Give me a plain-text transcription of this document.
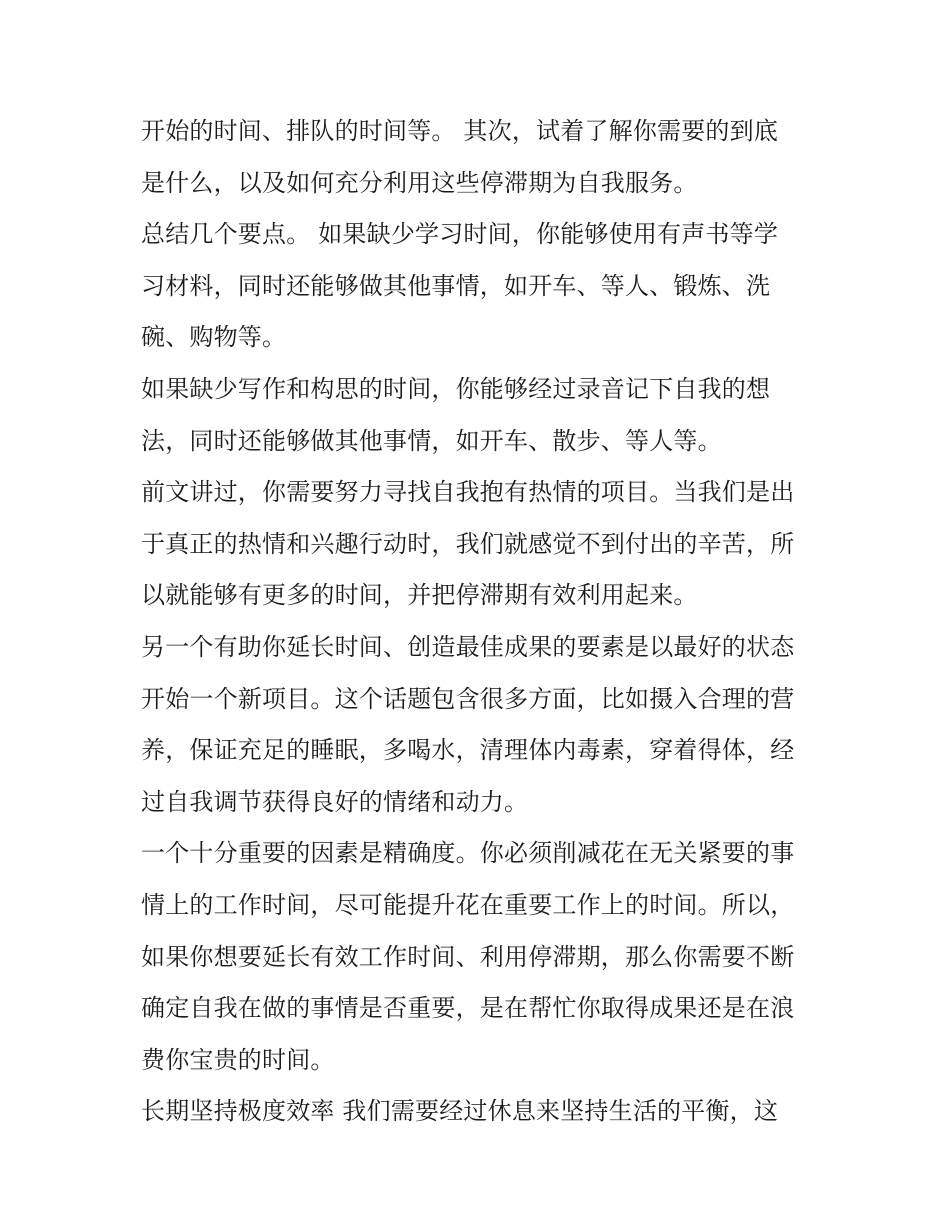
开始的时间、排队的时间等。 其次，试着了解你需要的到底
是什么，以及如何充分利用这些停滞期为自我服务。
总结几个要点。 如果缺少学习时间，你能够使用有声书等学
习材料，同时还能够做其他事情，如开车、等人、锻炼、洗
碗、购物等。
如果缺少写作和构思的时间，你能够经过录音记下自我的想
法，同时还能够做其他事情，如开车、散步、等人等。
前文讲过，你需要努力寻找自我抱有热情的项目。当我们是出
于真正的热情和兴趣行动时，我们就感觉不到付出的辛苦，所
以就能够有更多的时间，并把停滞期有效利用起来。
另一个有助你延长时间、创造最佳成果的要素是以最好的状态
开始一个新项目。这个话题包含很多方面，比如摄入合理的营
养，保证充足的睡眠，多喝水，清理体内毒素，穿着得体，经
过自我调节获得良好的情绪和动力。
一个十分重要的因素是精确度。你必须削减花在无关紧要的事
情上的工作时间，尽可能提升花在重要工作上的时间。所以，
如果你想要延长有效工作时间、利用停滞期，那么你需要不断
确定自我在做的事情是否重要，是在帮忙你取得成果还是在浪
费你宝贵的时间。
长期坚持极度效率 我们需要经过休息来坚持生活的平衡，这
